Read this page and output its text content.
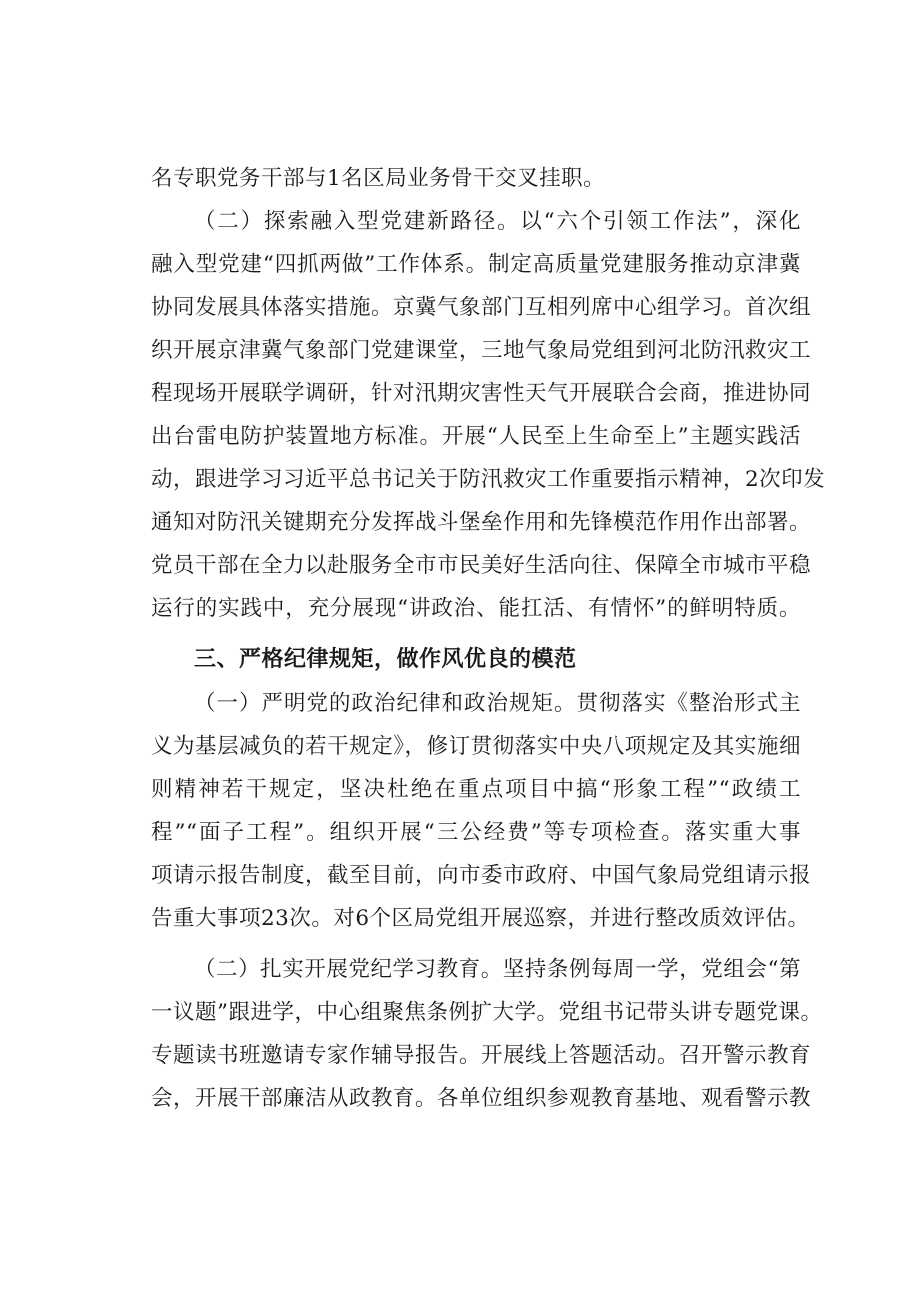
名专职党务干部与1名区局业务骨干交叉挂职。
（二）探索融入型党建新路径。以“六个引领工作法”，深化
融入型党建“四抓两做”工作体系。制定高质量党建服务推动京津冀
协同发展具体落实措施。京冀气象部门互相列席中心组学习。首次组
织开展京津冀气象部门党建课堂，三地气象局党组到河北防汛救灾工
程现场开展联学调研，针对汛期灾害性天气开展联合会商，推进协同
出台雷电防护装置地方标准。开展“人民至上生命至上”主题实践活
动，跟进学习习近平总书记关于防汛救灾工作重要指示精神，2次印发
通知对防汛关键期充分发挥战斗堡垒作用和先锋模范作用作出部署。
党员干部在全力以赴服务全市市民美好生活向往、保障全市城市平稳
运行的实践中，充分展现“讲政治、能扛活、有情怀”的鲜明特质。
三、严格纪律规矩，做作风优良的模范
（一）严明党的政治纪律和政治规矩。贯彻落实《整治形式主
义为基层减负的若干规定》，修订贯彻落实中央八项规定及其实施细
则精神若干规定，坚决杜绝在重点项目中搞“形象工程”“政绩工
程”“面子工程”。组织开展“三公经费”等专项检查。落实重大事
项请示报告制度，截至目前，向市委市政府、中国气象局党组请示报
告重大事项23次。对6个区局党组开展巡察，并进行整改质效评估。
（二）扎实开展党纪学习教育。坚持条例每周一学，党组会“第
一议题”跟进学，中心组聚焦条例扩大学。党组书记带头讲专题党课。
专题读书班邀请专家作辅导报告。开展线上答题活动。召开警示教育
会，开展干部廉洁从政教育。各单位组织参观教育基地、观看警示教
